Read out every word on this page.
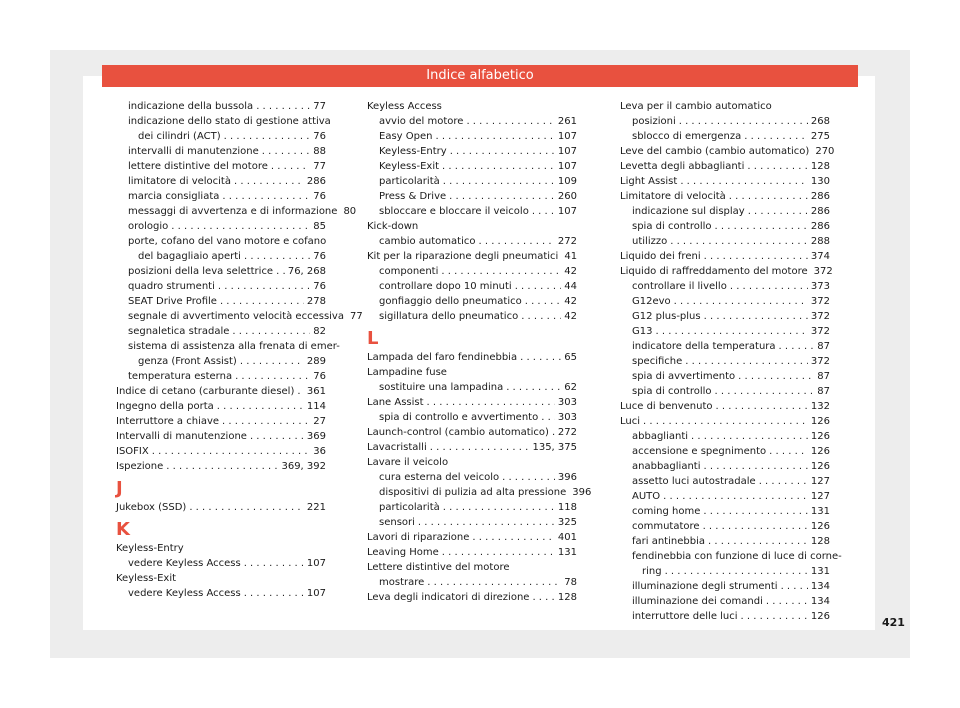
Indice alfabetico
indicazione della bussola . . .	77
indicazione dello stato di gestione attiva
dei cilindri (ACT) . . .	76
intervalli di manutenzione . . .	88
lettere distintive del motore . . .	77
limitatore di velocità . . .	286
marcia consigliata . . .	76
messaggi di avvertenza e di informazione 80
orologio . . .	85
porte, cofano del vano motore e cofano
del bagagliaio aperti . . .	76
posizioni della leva selettrice . . . 76, 268
quadro strumenti . . .	76
SEAT Drive Profile . . .	278
segnale di avvertimento velocità eccessiva 77
segnaletica stradale . . .	82
sistema di assistenza alla frenata di emer-
genza (Front Assist) . . .	289
temperatura esterna . . .	76
Indice di cetano (carburante diesel) . . . 361
Ingegno della porta . . .	114
Interruttore a chiave . . .	27
Intervalli di manutenzione . . .	369
ISOFIX . . .	36
Ispezione . . .	369, 392
J
Jukebox (SSD) . . .	221
K
Keyless-Entry
vedere Keyless Access . . .	107
Keyless-Exit
vedere Keyless Access . . .	107
Keyless Access
avvio del motore . . .	261
Easy Open . . .	107
Keyless-Entry . . .	107
Keyless-Exit . . .	107
particolarità . . .	109
Press & Drive . . .	260
sbloccare e bloccare il veicolo . . .	107
Kick-down
cambio automatico . . .	272
Kit per la riparazione degli pneumatici 41
componenti . . .	42
controllare dopo 10 minuti . . .	44
gonfiaggio dello pneumatico . . .	42
sigillatura dello pneumatico . . .	42
L
Lampada del faro fendinebbia . . .	65
Lampadine fuse
sostituire una lampadina . . .	62
Lane Assist . . .	303
spia di controllo e avvertimento . . . 303
Launch-control (cambio automatico) . . . 272
Lavacristalli . . .	135, 375
Lavare il veicolo
cura esterna del veicolo . . .	396
dispositivi di pulizia ad alta pressione 396
particolarità . . .	118
sensori . . .	325
Lavori di riparazione . . .	401
Leaving Home . . .	131
Lettere distintive del motore
mostrare . . .	78
Leva degli indicatori di direzione . . .	128
Leva per il cambio automatico
posizioni . . .	268
sblocco di emergenza . . .	275
Leve del cambio (cambio automatico) 270
Levetta degli abbaglianti . . .	128
Light Assist . . .	130
Limitatore di velocità . . .	286
indicazione sul display . . .	286
spia di controllo . . .	286
utilizzo . . .	288
Liquido dei freni . . .	374
Liquido di raffreddamento del motore 372
controllare il livello . . .	373
G12evo . . .	372
G12 plus-plus . . .	372
G13 . . .	372
indicatore della temperatura . . .	87
specifiche . . .	372
spia di avvertimento . . .	87
spia di controllo . . .	87
Luce di benvenuto . . .	132
Luci . . .	126
abbaglianti . . .	126
accensione e spegnimento . . .	126
anabbaglianti . . .	126
assetto luci autostradale . . .	127
AUTO . . .	127
coming home . . .	131
commutatore . . .	126
fari antinebbia . . .	128
fendinebbia con funzione di luce di corne-
ring . . .	131
illuminazione degli strumenti . . .	134
illuminazione dei comandi . . .	134
interruttore delle luci . . .	126	421
